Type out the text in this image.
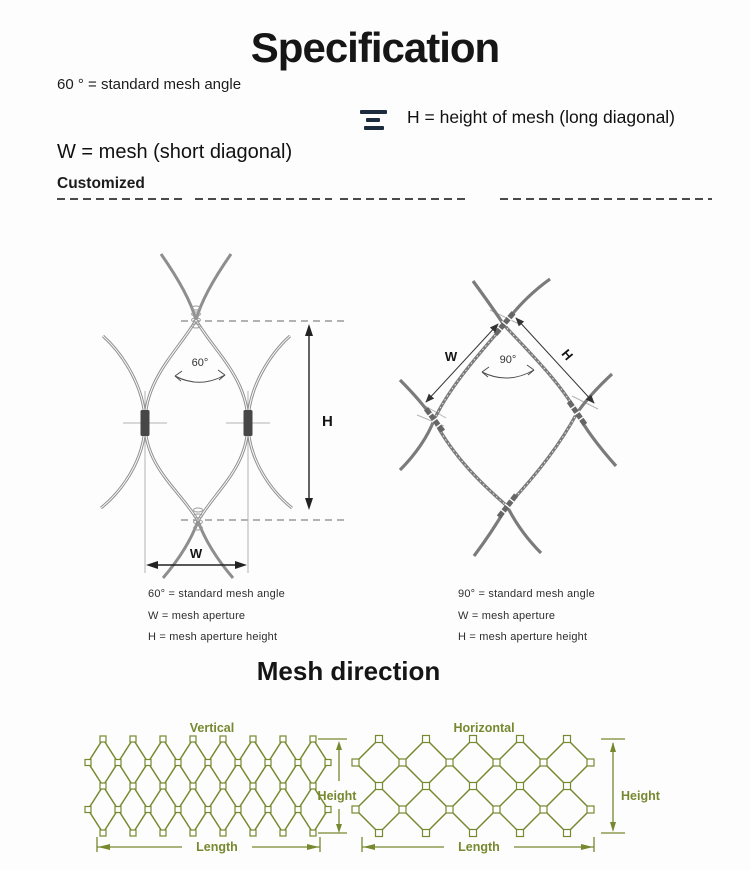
Specification
60 ° = standard mesh angle
H = height of mesh (long diagonal)
W = mesh (short diagonal)
Customized
60°
H
W
W	H
90°
60° = standard mesh angle
W = mesh aperture
H = mesh aperture height
90° = standard mesh angle
W = mesh aperture
H = mesh aperture height
Mesh direction
Vertical	Horizontal
Height
Length
Height
Length
